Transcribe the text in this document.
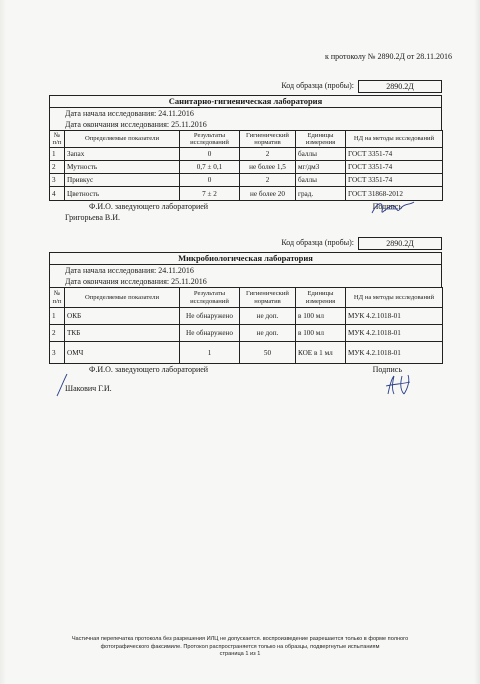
к протоколу № 2890.2Д от 28.11.2016
Код образца (пробы):	2890.2Д
Санитарно-гигиеническая лаборатория
Дата начала исследования: 24.11.2016
Дата окончания исследования: 25.11.2016
№ п/п	Определяемые показатели	Результаты исследований	Гигиенический норматив	Единицы измерения	НД на методы исследований
1	Запах	0	2	баллы	ГОСТ 3351-74
2	Мутность	0,7 ± 0,1	не более 1,5	мг/дм3	ГОСТ 3351-74
3	Привкус	0	2	баллы	ГОСТ 3351-74
4	Цветность	7 ± 2	не более 20	град.	ГОСТ 31868-2012
Ф.И.О. заведующего лабораторией	Подпись
Григорьева В.И.
Код образца (пробы):	2890.2Д
Микробиологическая лаборатория
Дата начала исследования: 24.11.2016
Дата окончания исследования: 25.11.2016
№ п/п	Определяемые показатели	Результаты исследований	Гигиенический норматив	Единицы измерения	НД на методы исследований
1	ОКБ	Не обнаружено	не доп.	в 100 мл	МУК 4.2.1018-01
2	ТКБ	Не обнаружено	не доп.	в 100 мл	МУК 4.2.1018-01
3	ОМЧ	1	50	КОЕ в 1 мл	МУК 4.2.1018-01
Ф.И.О. заведующего лабораторией	Подпись
Шакович Г.И.
Частичная перепечатка протокола без разрешения ИЛЦ не допускается. воспроизведение разрешается только в форме полного
фотографического факсимиле. Протокол распространяется только на образцы, подвергнутые испытаниям
страница 1 из 1
